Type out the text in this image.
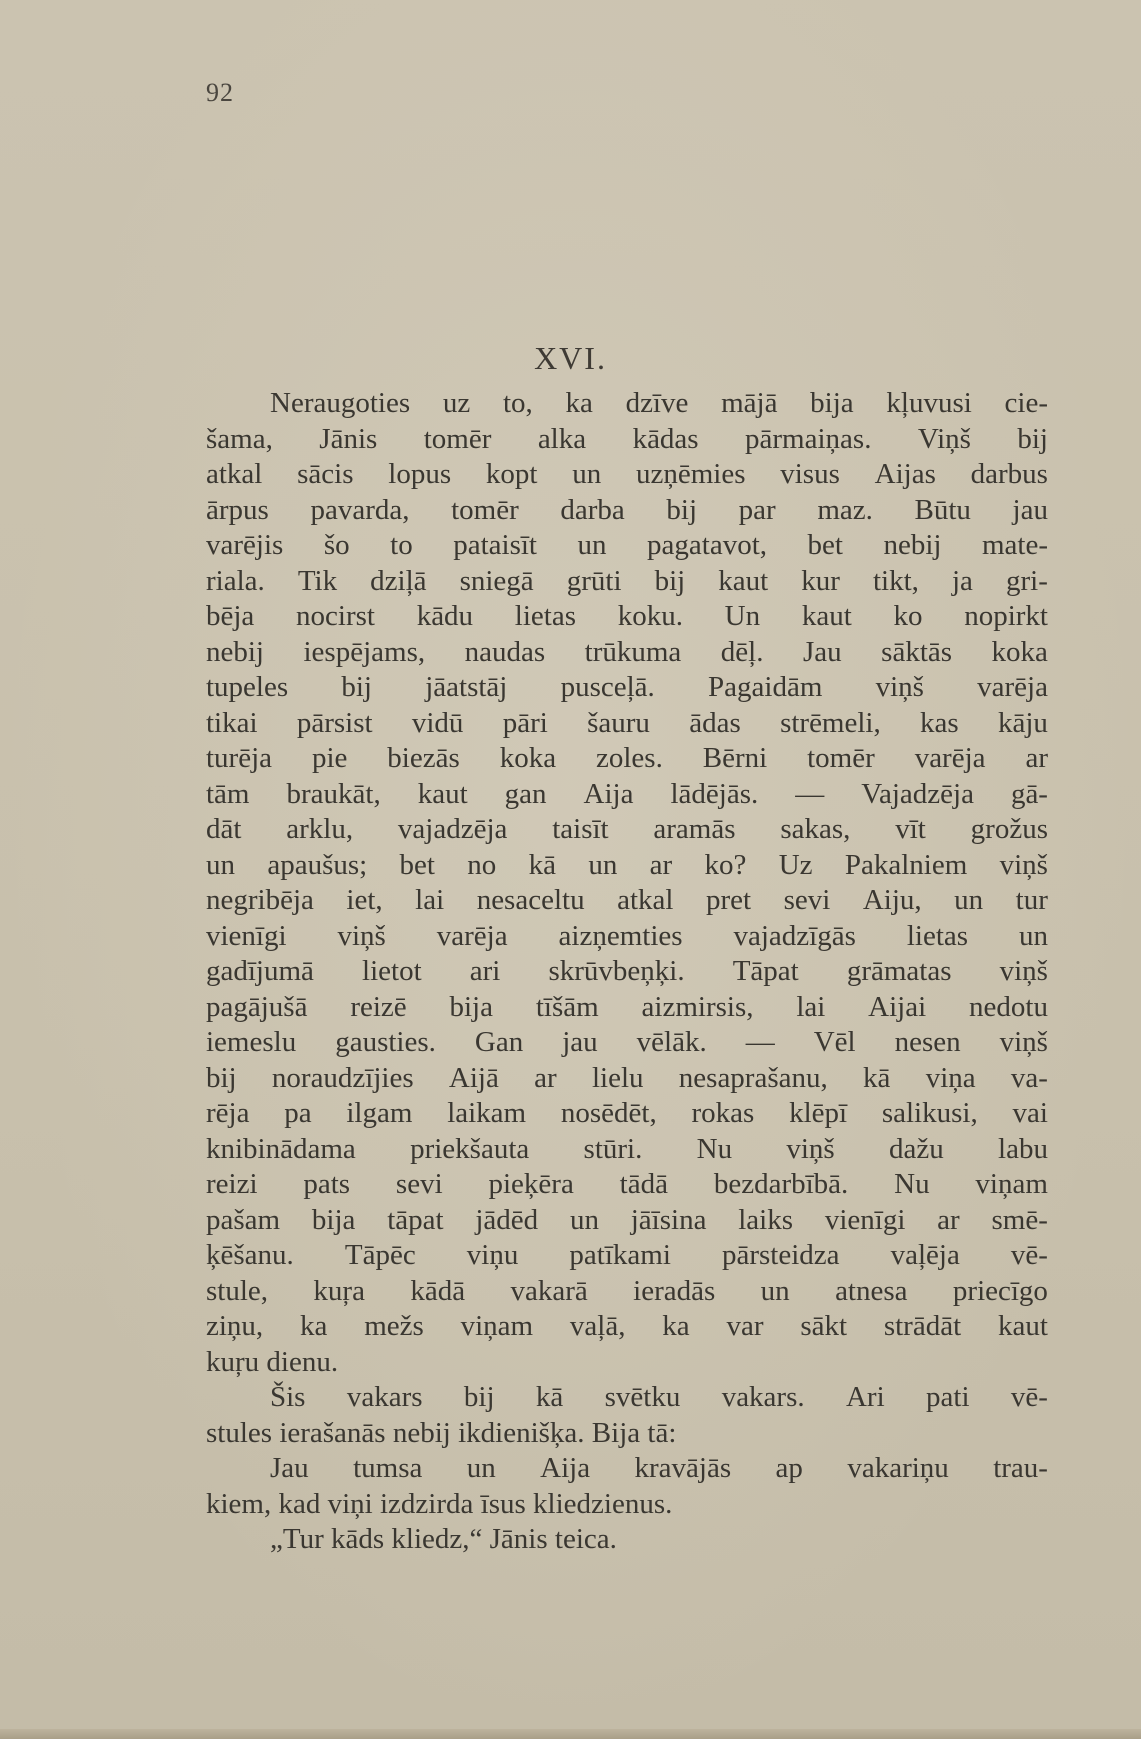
92
XVI.
Neraugoties uz to, ka dzīve mājā bija kļuvusi cie-
šama, Jānis tomēr alka kādas pārmaiņas. Viņš bij
atkal sācis lopus kopt un uzņēmies visus Aijas darbus
ārpus pavarda, tomēr darba bij par maz. Būtu jau
varējis šo to pataisīt un pagatavot, bet nebij mate-
riala. Tik dziļā sniegā grūti bij kaut kur tikt, ja gri-
bēja nocirst kādu lietas koku. Un kaut ko nopirkt
nebij iespējams, naudas trūkuma dēļ. Jau sāktās koka
tupeles bij jāatstāj pusceļā. Pagaidām viņš varēja
tikai pārsist vidū pāri šauru ādas strēmeli, kas kāju
turēja pie biezās koka zoles. Bērni tomēr varēja ar
tām braukāt, kaut gan Aija lādējās. — Vajadzēja gā-
dāt arklu, vajadzēja taisīt aramās sakas, vīt grožus
un apaušus; bet no kā un ar ko? Uz Pakalniem viņš
negribēja iet, lai nesaceltu atkal pret sevi Aiju, un tur
vienīgi viņš varēja aizņemties vajadzīgās lietas un
gadījumā lietot ari skrūvbeņķi. Tāpat grāmatas viņš
pagājušā reizē bija tīšām aizmirsis, lai Aijai nedotu
iemeslu gausties. Gan jau vēlāk. — Vēl nesen viņš
bij noraudzījies Aijā ar lielu nesaprašanu, kā viņa va-
rēja pa ilgam laikam nosēdēt, rokas klēpī salikusi, vai
knibinādama priekšauta stūri. Nu viņš dažu labu
reizi pats sevi pieķēra tādā bezdarbībā. Nu viņam
pašam bija tāpat jādēd un jāīsina laiks vienīgi ar smē-
ķēšanu. Tāpēc viņu patīkami pārsteidza vaļēja vē-
stule, kuŗa kādā vakarā ieradās un atnesa priecīgo
ziņu, ka mežs viņam vaļā, ka var sākt strādāt kaut
kuŗu
dienu.
Šis vakars bij kā svētku vakars. Ari pati vē-
stules
ierašanās
nebij
ikdienišķa.
Bija
tā:
Jau tumsa un Aija kravājās ap vakariņu trau-
kiem,
kad
viņi
izdzirda
īsus
kliedzienus.
„Tur
kāds
kliedz,“
Jānis
teica.
